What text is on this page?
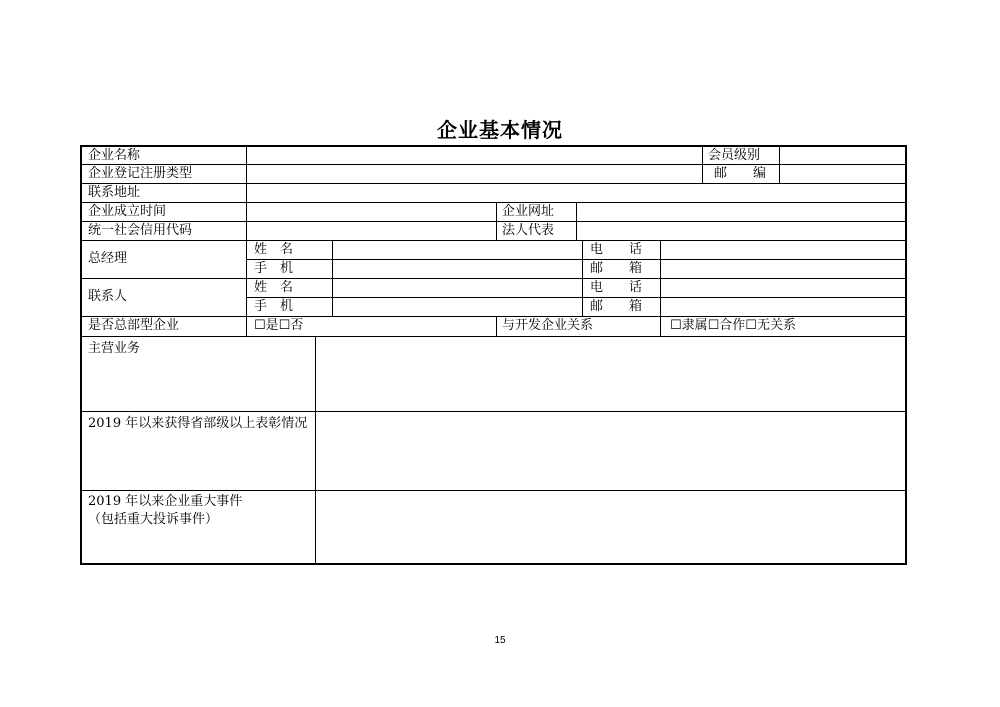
企业基本情况
企业名称	会员级别
企业登记注册类型	邮　　编
联系地址
企业成立时间	企业网址
统一社会信用代码	法人代表
总经理
姓　名	电　　话
手　机	邮　　箱
联系人
姓　名	电　　话
手　机	邮　　箱
是否总部型企业	☐是☐否	与开发企业关系	☐隶属☐合作☐无关系
主营业务
2019 年以来获得省部级以上表彰情况
2019 年以来企业重大事件
（包括重大投诉事件）
15
